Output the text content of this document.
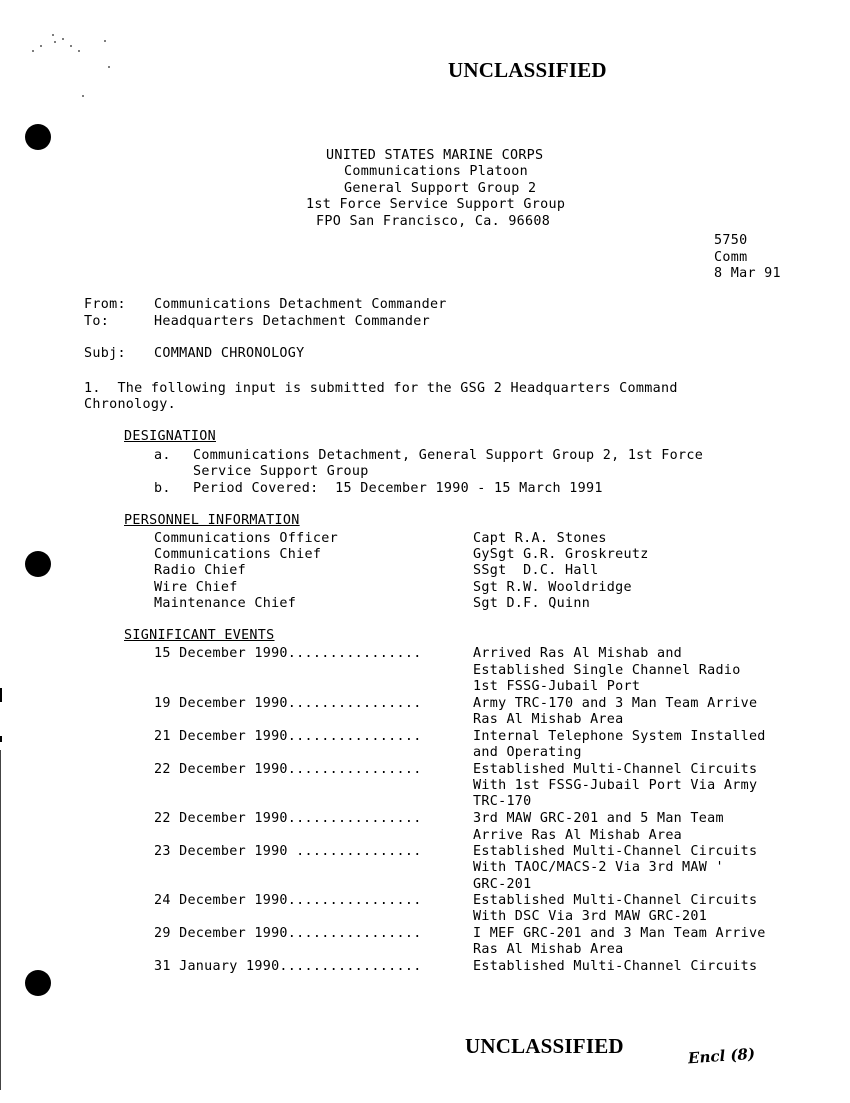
UNCLASSIFIED
UNITED STATES MARINE CORPS
Communications Platoon
General Support Group 2
1st Force Service Support Group
FPO San Francisco, Ca. 96608
5750
Comm
8 Mar 91
From: Communications Detachment Commander
To:	Headquarters Detachment Commander
Subj: COMMAND CHRONOLOGY
1.  The following input is submitted for the GSG 2 Headquarters Command
Chronology.
DESIGNATION
a. Communications Detachment, General Support Group 2, 1st Force
Service Support Group
b. Period Covered:  15 December 1990 - 15 March 1991
PERSONNEL INFORMATION
Communications Officer	Capt R.A. Stones
Communications Chief	GySgt G.R. Groskreutz
Radio Chief	SSgt  D.C. Hall
Wire Chief	Sgt R.W. Wooldridge
Maintenance Chief	Sgt D.F. Quinn
SIGNIFICANT EVENTS
15 December 1990................	Arrived Ras Al Mishab and
Established Single Channel Radio
1st FSSG-Jubail Port
19 December 1990................	Army TRC-170 and 3 Man Team Arrive
Ras Al Mishab Area
21 December 1990................	Internal Telephone System Installed
and Operating
22 December 1990................	Established Multi-Channel Circuits
With 1st FSSG-Jubail Port Via Army
TRC-170
22 December 1990................	3rd MAW GRC-201 and 5 Man Team
Arrive Ras Al Mishab Area
23 December 1990 ...............	Established Multi-Channel Circuits
With TAOC/MACS-2 Via 3rd MAW '
GRC-201
24 December 1990................	Established Multi-Channel Circuits
With DSC Via 3rd MAW GRC-201
29 December 1990................	I MEF GRC-201 and 3 Man Team Arrive
Ras Al Mishab Area
31 January 1990.................	Established Multi-Channel Circuits
UNCLASSIFIED	Encl (8)
